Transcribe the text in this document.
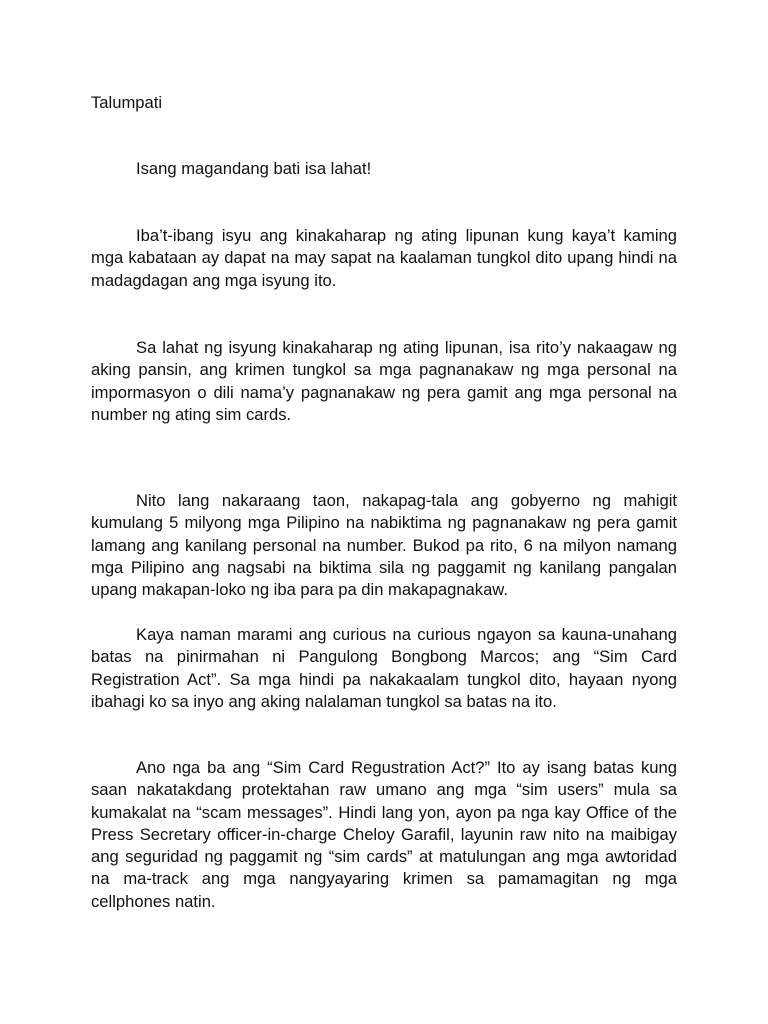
Talumpati

Isang magandang bati isa lahat!

Iba’t-ibang isyu ang kinakaharap ng ating lipunan kung kaya’t kaming mga kabataan ay dapat na may sapat na kaalaman tungkol dito upang hindi na madagdagan ang mga isyung ito.

Sa lahat ng isyung kinakaharap ng ating lipunan, isa rito’y nakaagaw ng aking pansin, ang krimen tungkol sa mga pagnanakaw ng mga personal na impormasyon o dili nama’y pagnanakaw ng pera gamit ang mga personal na number ng ating sim cards.

Nito lang nakaraang taon, nakapag-tala ang gobyerno ng mahigit kumulang 5 milyong mga Pilipino na nabiktima ng pagnanakaw ng pera gamit lamang ang kanilang personal na number. Bukod pa rito, 6 na milyon namang mga Pilipino ang nagsabi na biktima sila ng paggamit ng kanilang pangalan upang makapan-loko ng iba para pa din makapagnakaw.

Kaya naman marami ang curious na curious ngayon sa kauna-unahang batas na pinirmahan ni Pangulong Bongbong Marcos; ang “Sim Card Registration Act”. Sa mga hindi pa nakakaalam tungkol dito, hayaan nyong ibahagi ko sa inyo ang aking nalalaman tungkol sa batas na ito.

Ano nga ba ang “Sim Card Regustration Act?” Ito ay isang batas kung saan nakatakdang protektahan raw umano ang mga “sim users” mula sa kumakalat na “scam messages”. Hindi lang yon, ayon pa nga kay Office of the Press Secretary officer-in-charge Cheloy Garafil, layunin raw nito na maibigay ang seguridad ng paggamit ng “sim cards” at matulungan ang mga awtoridad na ma-track ang mga nangyayaring krimen sa pamamagitan ng mga cellphones natin.
